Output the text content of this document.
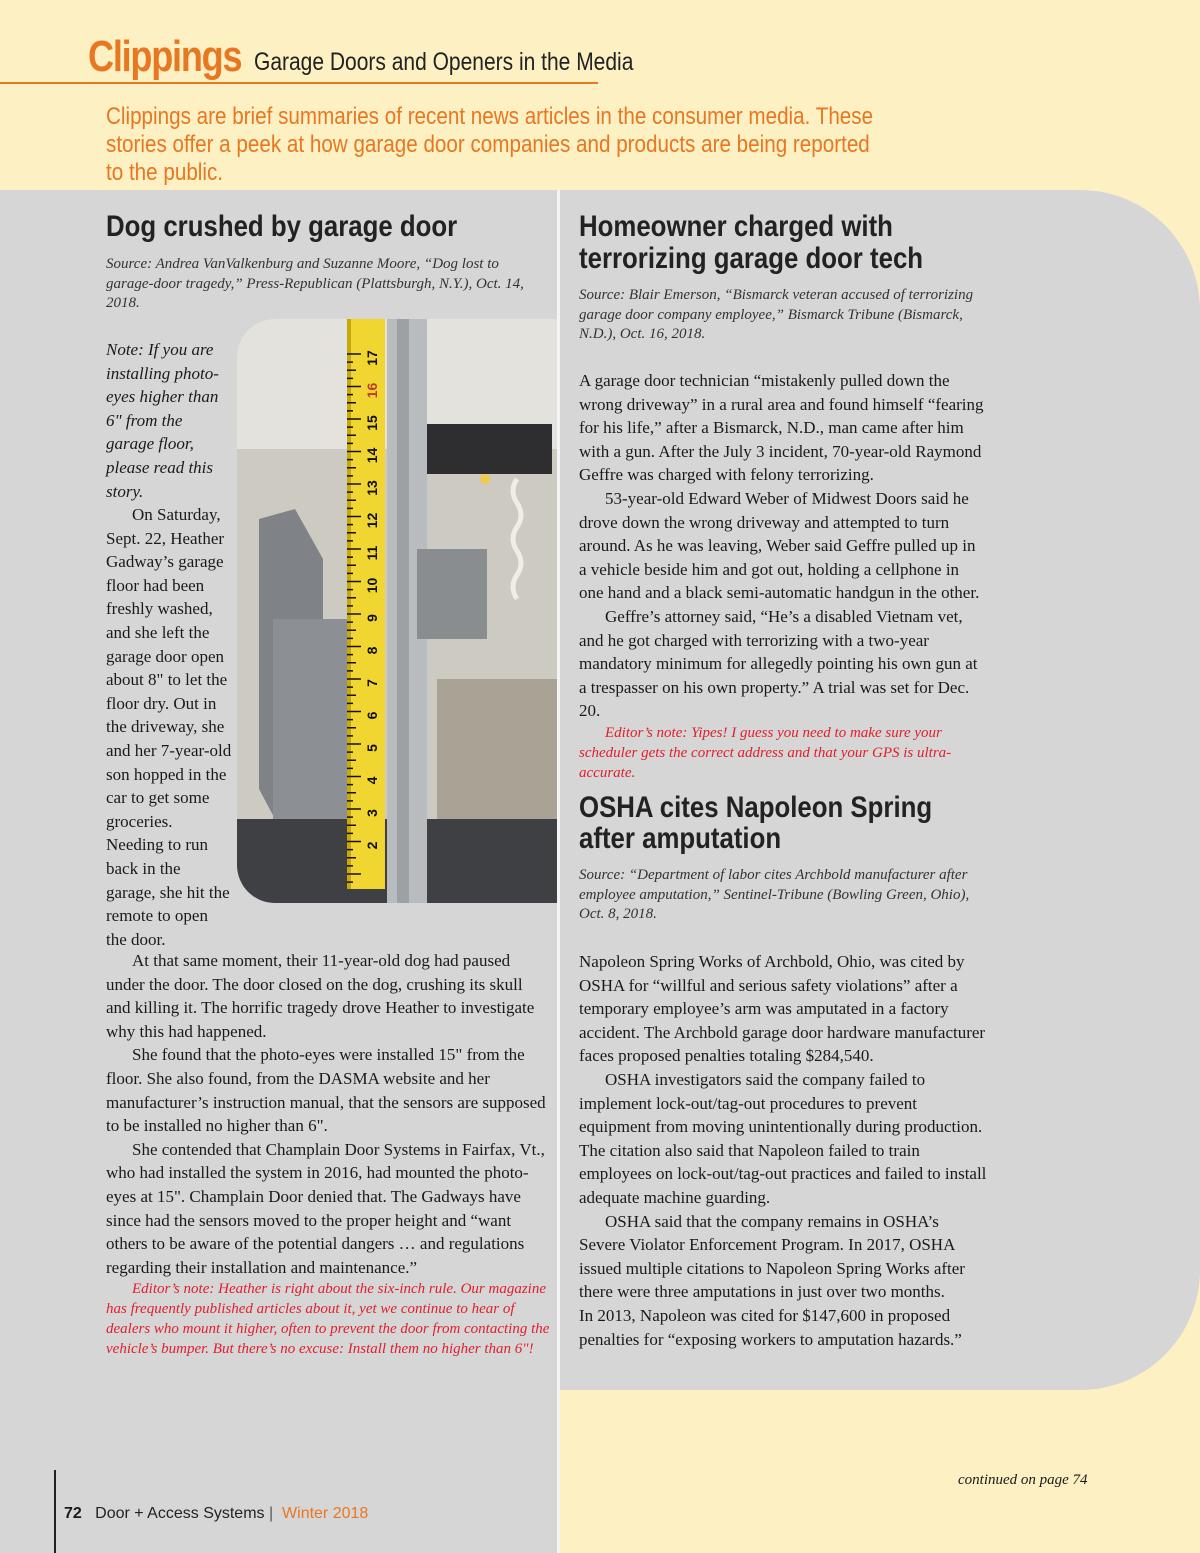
Clippings Garage Doors and Openers in the Media
Clippings are brief summaries of recent news articles in the consumer media. These stories offer a peek at how garage door companies and products are being reported to the public.
Dog crushed by garage door
Source: Andrea VanValkenburg and Suzanne Moore, “Dog lost to garage-door tragedy,” Press-Republican (Plattsburgh, N.Y.), Oct. 14, 2018.
Note: If you are installing photo-eyes higher than 6" from the garage floor, please read this story.
17
16
15
14
13
12
11
10
9
8
7
6
5
4
3
2

On Saturday, Sept. 22, Heather Gadway’s garage floor had been freshly washed, and she left the garage door open about 8" to let the floor dry. Out in the driveway, she and her 7-year-old son hopped in the car to get some groceries. Needing to run back in the garage, she hit the remote to open the door.

At that same moment, their 11-year-old dog had paused under the door. The door closed on the dog, crushing its skull and killing it. The horrific tragedy drove Heather to investigate why this had happened.

She found that the photo-eyes were installed 15" from the floor. She also found, from the DASMA website and her manufacturer’s instruction manual, that the sensors are supposed to be installed no higher than 6".

She contended that Champlain Door Systems in Fairfax, Vt., who had installed the system in 2016, had mounted the photo-eyes at 15". Champlain Door denied that. The Gadways have since had the sensors moved to the proper height and “want others to be aware of the potential dangers … and regulations regarding their installation and maintenance.”

Editor’s note: Heather is right about the six-inch rule. Our magazine has frequently published articles about it, yet we continue to hear of dealers who mount it higher, often to prevent the door from contacting the vehicle’s bumper. But there’s no excuse: Install them no higher than 6"!

Homeowner charged with
terrorizing garage door tech
Source: Blair Emerson, “Bismarck veteran accused of terrorizing garage door company employee,” Bismarck Tribune (Bismarck, N.D.), Oct. 16, 2018.

A garage door technician “mistakenly pulled down the wrong driveway” in a rural area and found himself “fearing for his life,” after a Bismarck, N.D., man came after him with a gun. After the July 3 incident, 70-year-old Raymond Geffre was charged with felony terrorizing.

53-year-old Edward Weber of Midwest Doors said he drove down the wrong driveway and attempted to turn around. As he was leaving, Weber said Geffre pulled up in a vehicle beside him and got out, holding a cellphone in one hand and a black semi-automatic handgun in the other.

Geffre’s attorney said, “He’s a disabled Vietnam vet, and he got charged with terrorizing with a two-year mandatory minimum for allegedly pointing his own gun at a trespasser on his own property.” A trial was set for Dec. 20.

Editor’s note: Yipes! I guess you need to make sure your scheduler gets the correct address and that your GPS is ultra-accurate.

OSHA cites Napoleon Spring
after amputation
Source: “Department of labor cites Archbold manufacturer after employee amputation,” Sentinel-Tribune (Bowling Green, Ohio), Oct. 8, 2018.

Napoleon Spring Works of Archbold, Ohio, was cited by OSHA for “willful and serious safety violations” after a temporary employee’s arm was amputated in a factory accident. The Archbold garage door hardware manufacturer faces proposed penalties totaling $284,540.

OSHA investigators said the company failed to implement lock-out/tag-out procedures to prevent equipment from moving unintentionally during production. The citation also said that Napoleon failed to train employees on lock-out/tag-out practices and failed to install adequate machine guarding.

OSHA said that the company remains in OSHA’s Severe Violator Enforcement Program. In 2017, OSHA issued multiple citations to Napoleon Spring Works after there were three amputations in just over two months.

In 2013, Napoleon was cited for $147,600 in proposed penalties for “exposing workers to amputation hazards.”

continued on page 74
72 Door + Access Systems | Winter 2018
